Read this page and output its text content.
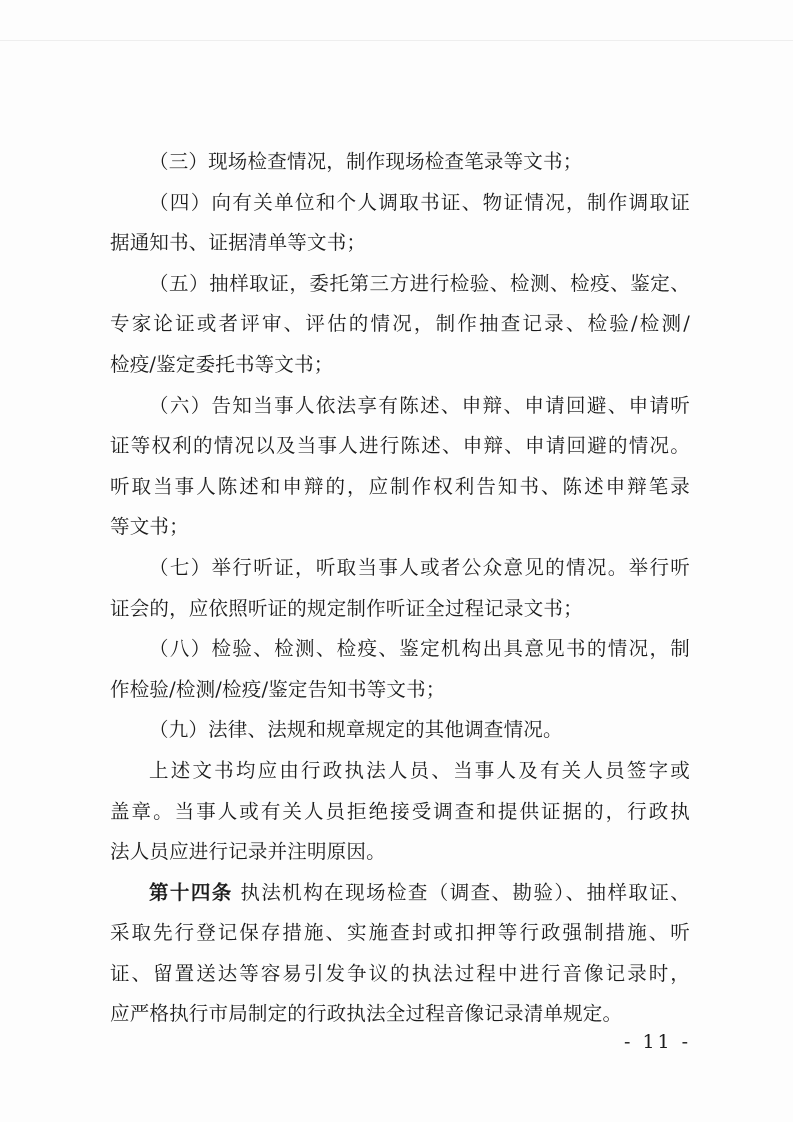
（三）现场检查情况，制作现场检查笔录等文书；
（四）向有关单位和个人调取书证、物证情况，制作调取证
据通知书、证据清单等文书；
（五）抽样取证，委托第三方进行检验、检测、检疫、鉴定、
专家论证或者评审、评估的情况，制作抽查记录、检验/检测/
检疫/鉴定委托书等文书；
（六）告知当事人依法享有陈述、申辩、申请回避、申请听
证等权利的情况以及当事人进行陈述、申辩、申请回避的情况。
听取当事人陈述和申辩的，应制作权利告知书、陈述申辩笔录
等文书；
（七）举行听证，听取当事人或者公众意见的情况。举行听
证会的，应依照听证的规定制作听证全过程记录文书；
（八）检验、检测、检疫、鉴定机构出具意见书的情况，制
作检验/检测/检疫/鉴定告知书等文书；
（九）法律、法规和规章规定的其他调查情况。
上述文书均应由行政执法人员、当事人及有关人员签字或
盖章。当事人或有关人员拒绝接受调查和提供证据的，行政执
法人员应进行记录并注明原因。
第十四条 执法机构在现场检查（调查、勘验）、抽样取证、
采取先行登记保存措施、实施查封或扣押等行政强制措施、听
证、留置送达等容易引发争议的执法过程中进行音像记录时，
应严格执行市局制定的行政执法全过程音像记录清单规定。
- 11 -
